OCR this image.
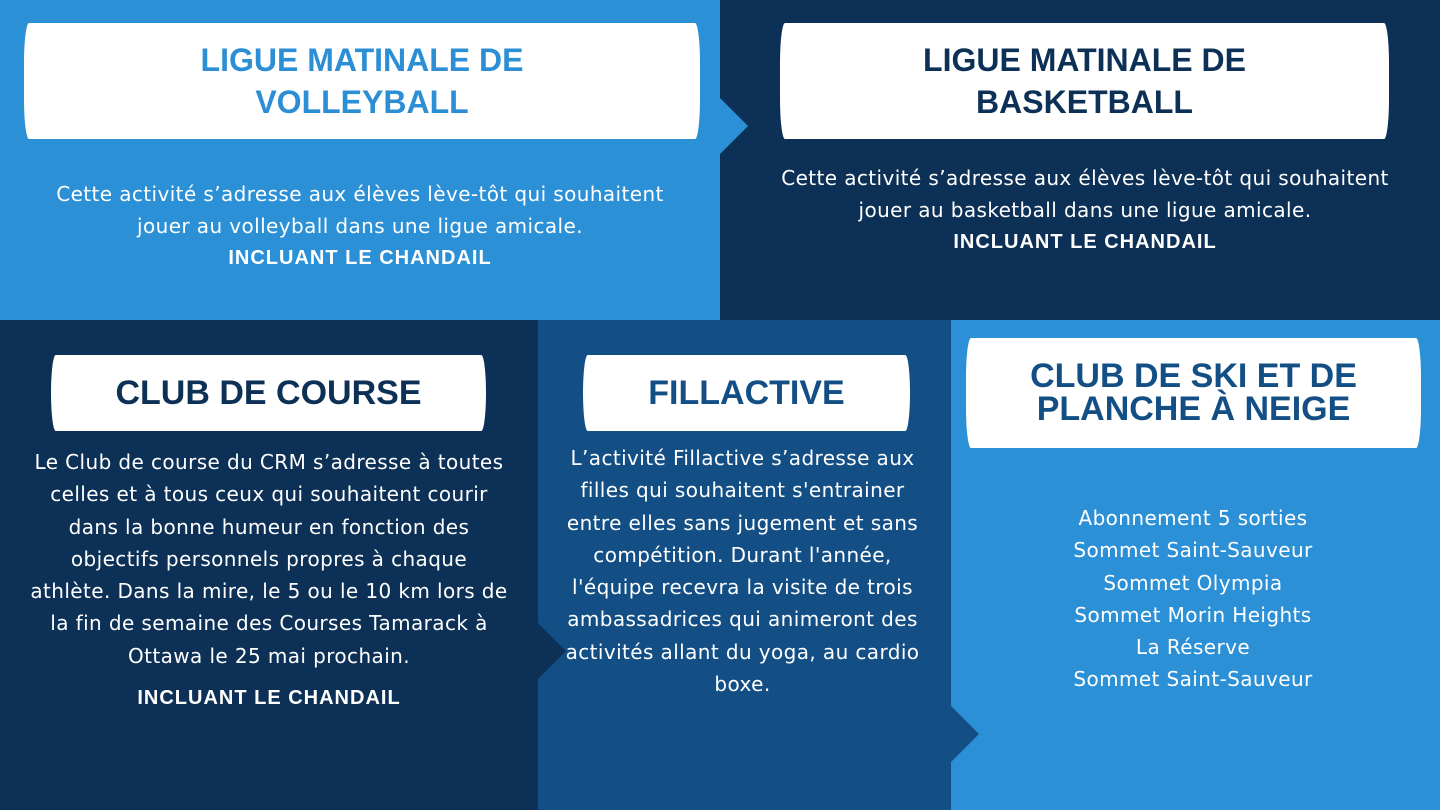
LIGUE MATINALE DE
VOLLEYBALL

Cette activité s’adresse aux élèves lève-tôt qui souhaitent jouer au volleyball dans une ligue amicale.

INCLUANT LE CHANDAIL
LIGUE MATINALE DE
BASKETBALL

Cette activité s’adresse aux élèves lève-tôt qui souhaitent jouer au basketball dans une ligue amicale.

INCLUANT LE CHANDAIL
CLUB DE COURSE

Le Club de course du CRM s’adresse à toutes celles et à tous ceux qui souhaitent courir dans la bonne humeur en fonction des objectifs personnels propres à chaque athlète. Dans la mire, le 5 ou le 10 km lors de la fin de semaine des Courses Tamarack à Ottawa le 25 mai prochain.

INCLUANT LE CHANDAIL
FILLACTIVE

L’activité Fillactive s’adresse aux filles qui souhaitent s'entrainer entre elles sans jugement et sans compétition. Durant l'année, l'équipe recevra la visite de trois ambassadrices qui animeront des activités allant du yoga, au cardio boxe.

CLUB DE SKI ET DE
PLANCHE À NEIGE
Abonnement 5 sorties
Sommet Saint-Sauveur
Sommet Olympia
Sommet Morin Heights
La Réserve
Sommet Saint-Sauveur
